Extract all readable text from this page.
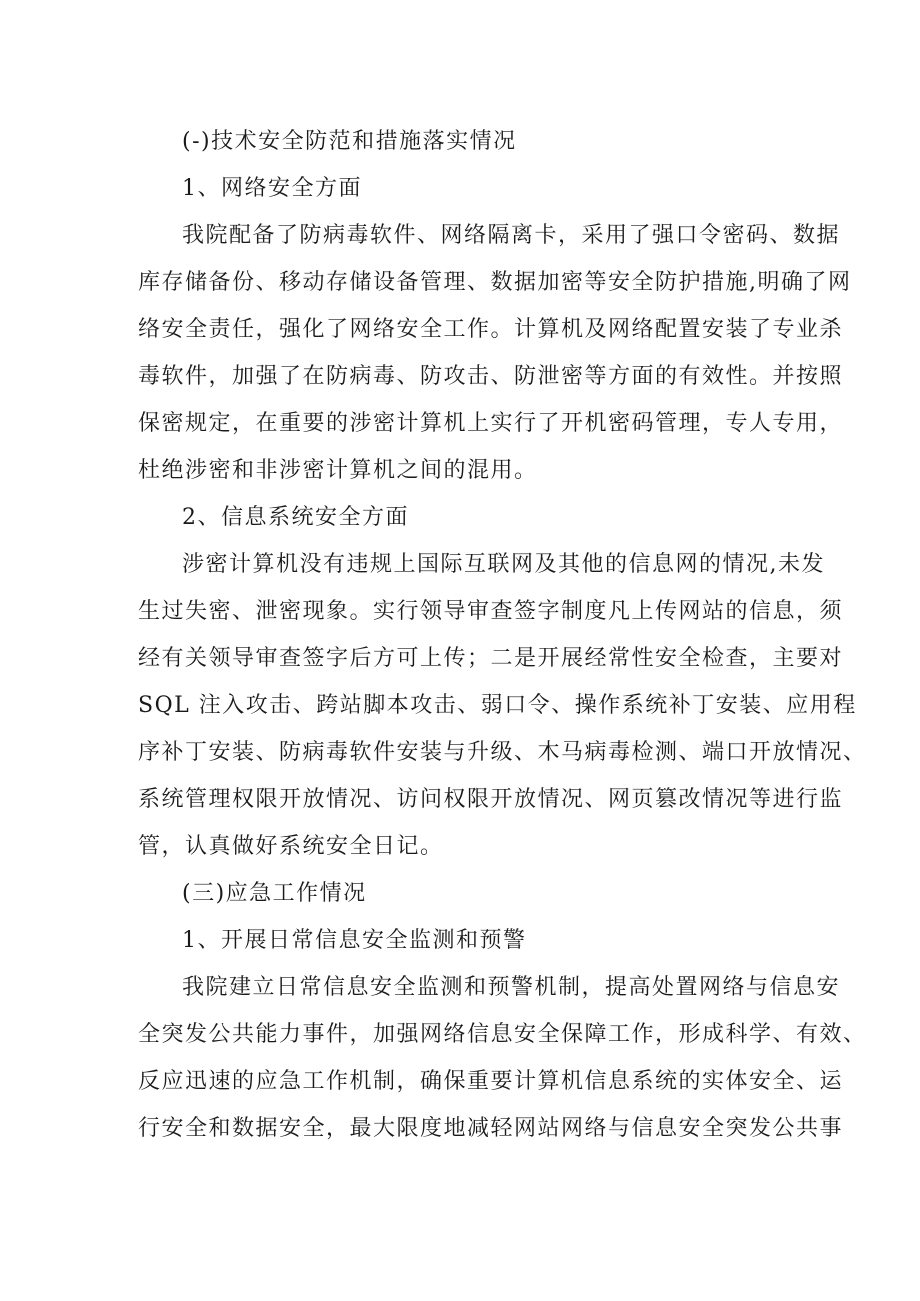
(-)技术安全防范和措施落实情况
1、网络安全方面
我院配备了防病毒软件、网络隔离卡，采用了强口令密码、数据
库存储备份、移动存储设备管理、数据加密等安全防护措施,明确了网
络安全责任，强化了网络安全工作。计算机及网络配置安装了专业杀
毒软件，加强了在防病毒、防攻击、防泄密等方面的有效性。并按照
保密规定，在重要的涉密计算机上实行了开机密码管理，专人专用，
杜绝涉密和非涉密计算机之间的混用。
2、信息系统安全方面
涉密计算机没有违规上国际互联网及其他的信息网的情况,未发
生过失密、泄密现象。实行领导审查签字制度凡上传网站的信息，须
经有关领导审查签字后方可上传；二是开展经常性安全检查，主要对
SQL 注入攻击、跨站脚本攻击、弱口令、操作系统补丁安装、应用程
序补丁安装、防病毒软件安装与升级、木马病毒检测、端口开放情况、
系统管理权限开放情况、访问权限开放情况、网页篡改情况等进行监
管，认真做好系统安全日记。
(三)应急工作情况
1、开展日常信息安全监测和预警
我院建立日常信息安全监测和预警机制，提高处置网络与信息安
全突发公共能力事件，加强网络信息安全保障工作，形成科学、有效、
反应迅速的应急工作机制，确保重要计算机信息系统的实体安全、运
行安全和数据安全，最大限度地减轻网站网络与信息安全突发公共事
